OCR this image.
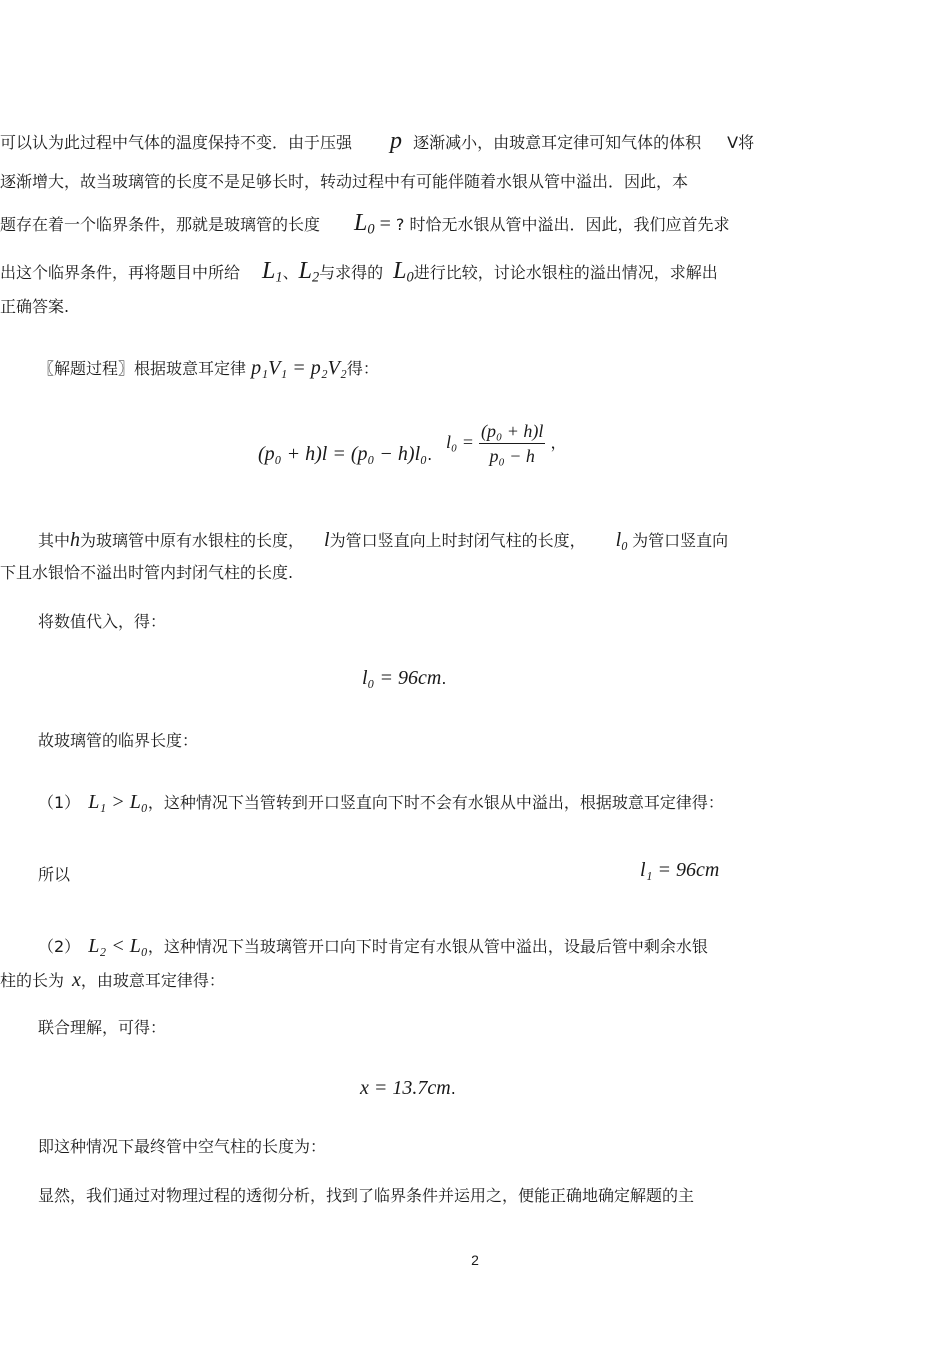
可以认为此过程中气体的温度保持不变．由于压强 p 逐渐减小，由玻意耳定律可知气体的体积 V将
逐渐增大，故当玻璃管的长度不是足够长时，转动过程中有可能伴随着水银从管中溢出．因此，本
题存在着一个临界条件，那就是玻璃管的长度 $L_0$ = ? 时恰无水银从管中溢出．因此，我们应首先求
出这个临界条件，再将题目中所给 $L_1$、$L_2$与求得的 $L_0$进行比较，讨论水银柱的溢出情况，求解出
正确答案.
〖解题过程〗根据玻意耳定律 p₁V₁ = p₂V₂得：
(p₀ + h)l = (p₀ − h)l₀.
$l_0 = \frac{\text{(p₀ + h)l}}{\text{p₀ − h}}$ ，
其中h为玻璃管中原有水银柱的长度， l为管口竖直向上时封闭气柱的长度， l₀ 为管口竖直向
下且水银恰不溢出时管内封闭气柱的长度.
将数值代入，得：
l₀ = 96cm.
故玻璃管的临界长度：
（1） L₁ > L₀，这种情况下当管转到开口竖直向下时不会有水银从中溢出，根据玻意耳定律得：
所以	l₁ = 96cm
（2） L₂ < L₀，这种情况下当玻璃管开口向下时肯定有水银从管中溢出，设最后管中剩余水银
柱的长为 x，由玻意耳定律得：
联合理解，可得：
x = 13.7cm.
即这种情况下最终管中空气柱的长度为：
显然，我们通过对物理过程的透彻分析，找到了临界条件并运用之，便能正确地确定解题的主
2
